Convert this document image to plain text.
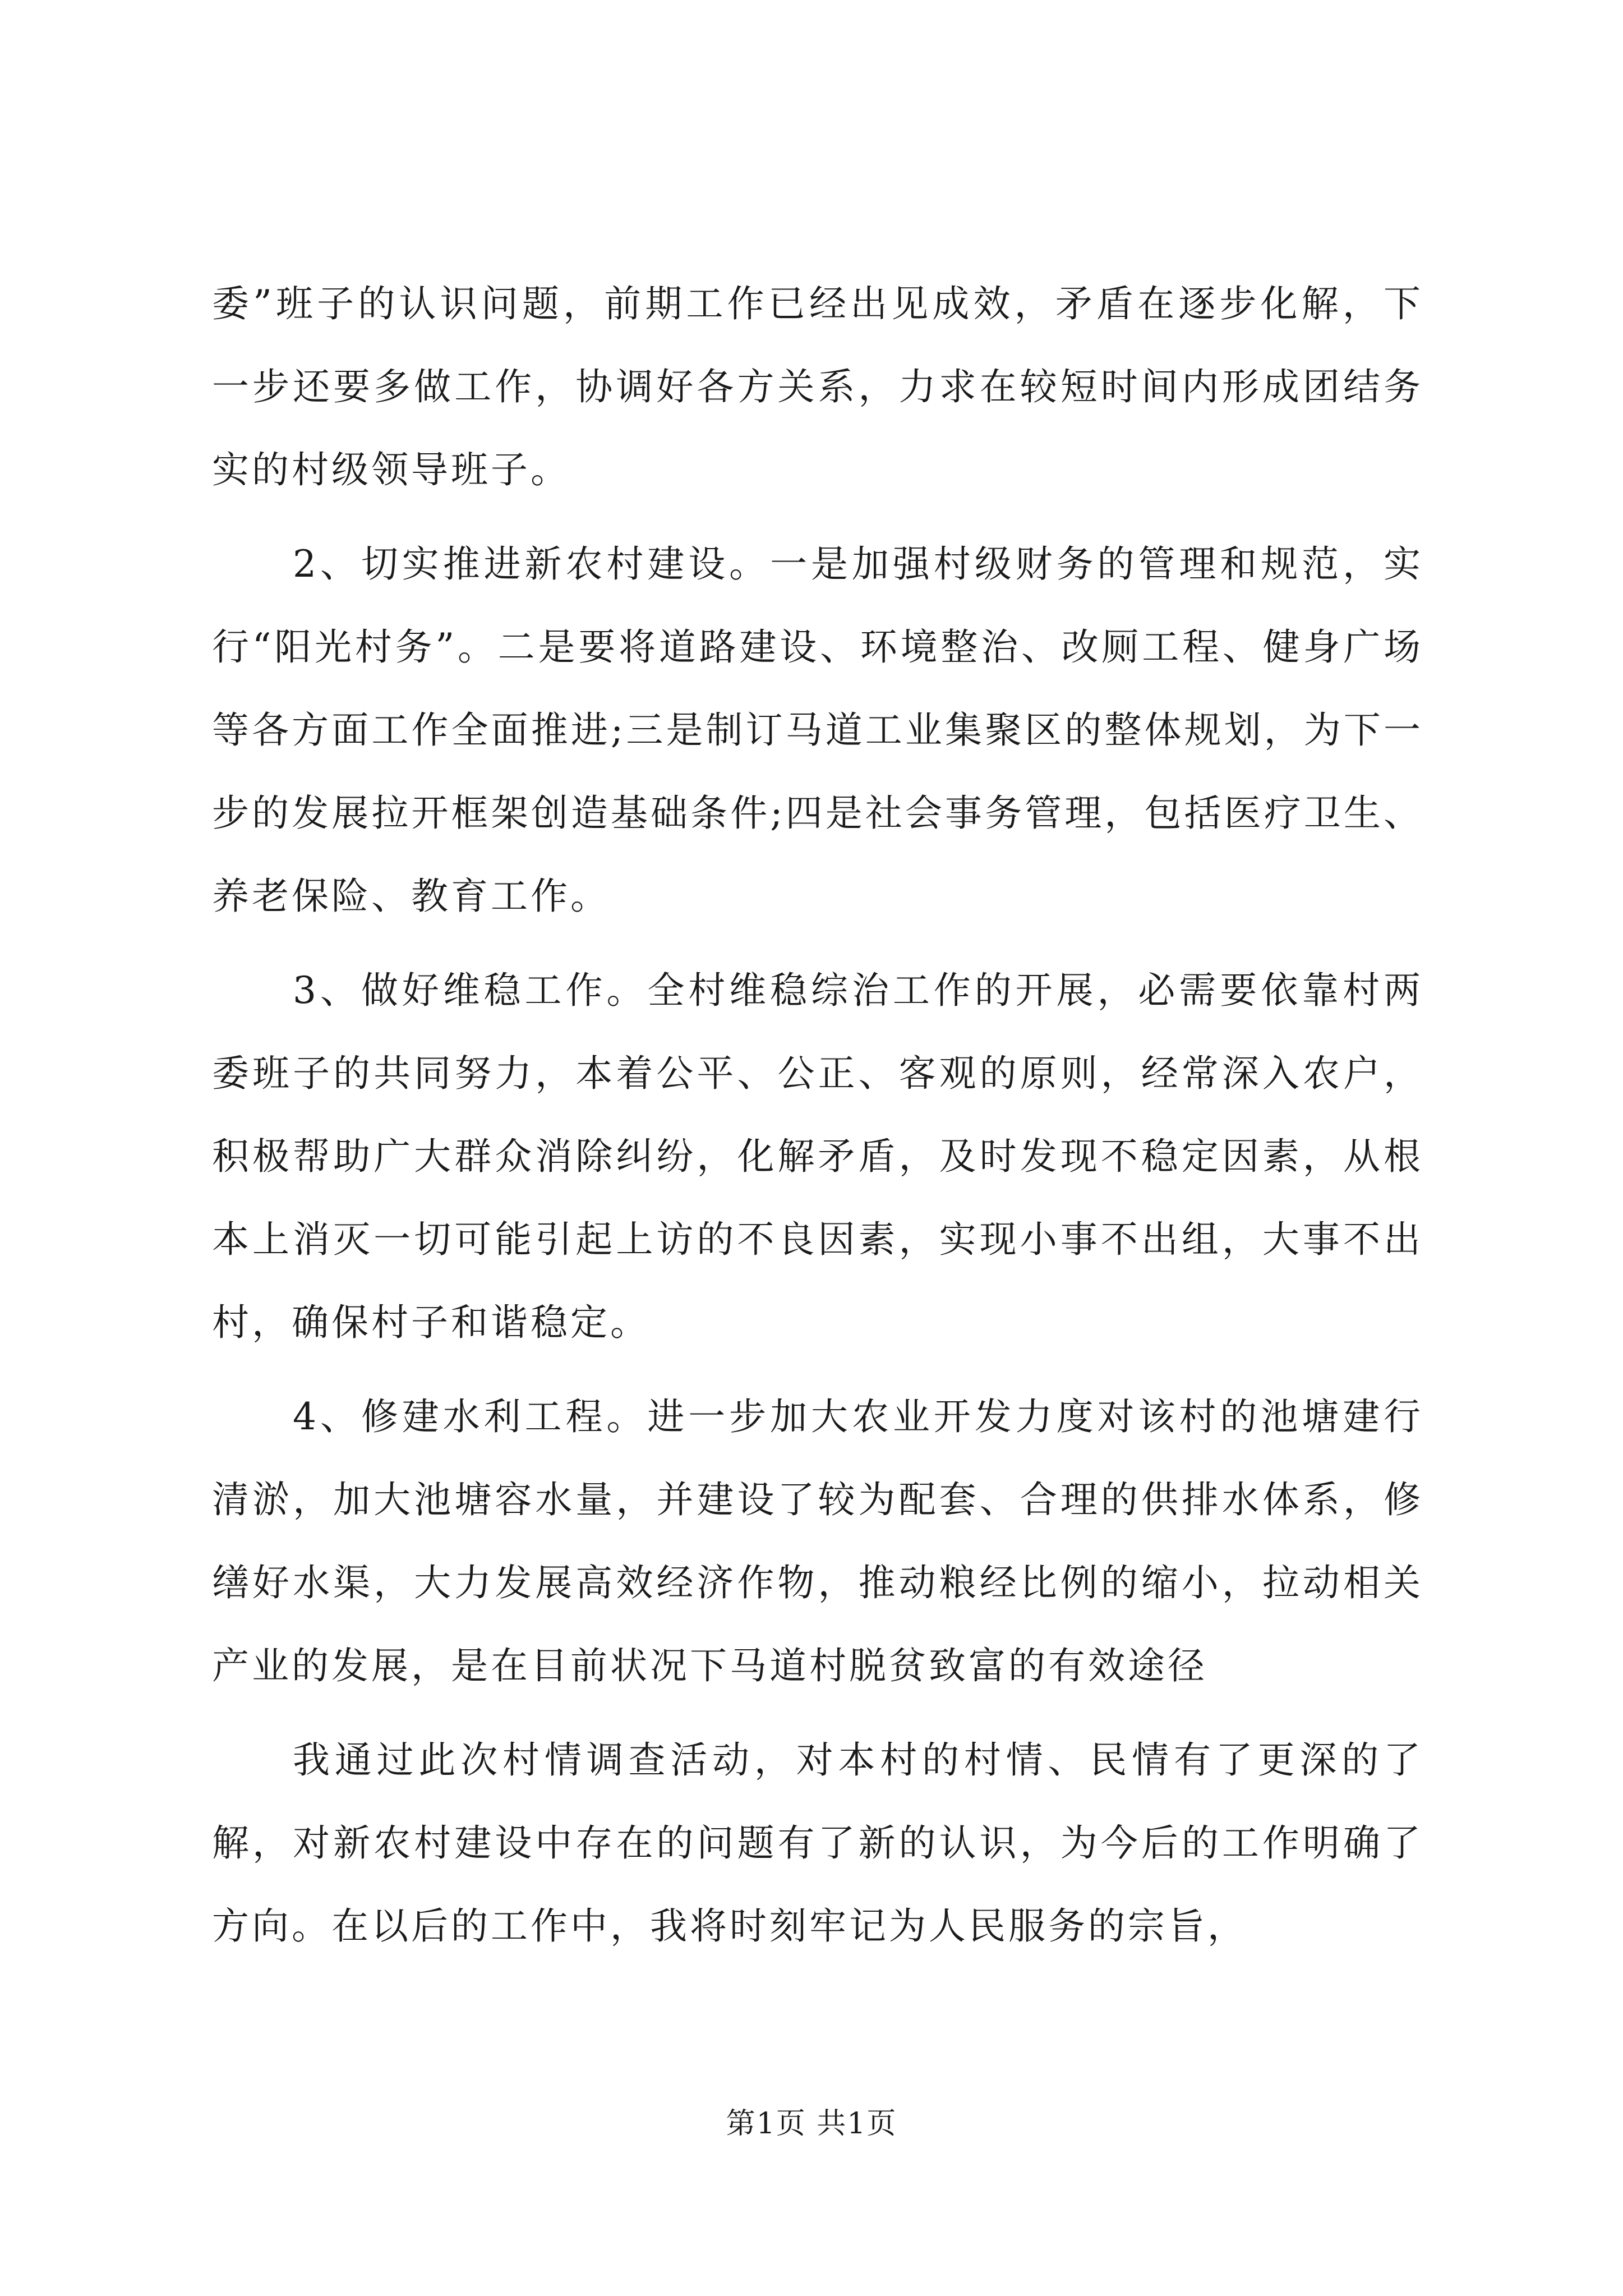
委”班子的认识问题，前期工作已经出见成效，矛盾在逐步化解，下一步还要多做工作，协调好各方关系，力求在较短时间内形成团结务实的村级领导班子。

2、切实推进新农村建设。一是加强村级财务的管理和规范，实行“阳光村务”。二是要将道路建设、环境整治、改厕工程、健身广场等各方面工作全面推进;三是制订马道工业集聚区的整体规划，为下一步的发展拉开框架创造基础条件;四是社会事务管理，包括医疗卫生、养老保险、教育工作。

3、做好维稳工作。全村维稳综治工作的开展，必需要依靠村两委班子的共同努力，本着公平、公正、客观的原则，经常深入农户，积极帮助广大群众消除纠纷，化解矛盾，及时发现不稳定因素，从根本上消灭一切可能引起上访的不良因素，实现小事不出组，大事不出村，确保村子和谐稳定。

4、修建水利工程。进一步加大农业开发力度对该村的池塘建行清淤，加大池塘容水量，并建设了较为配套、合理的供排水体系，修缮好水渠，大力发展高效经济作物，推动粮经比例的缩小，拉动相关产业的发展，是在目前状况下马道村脱贫致富的有效途径

我通过此次村情调查活动，对本村的村情、民情有了更深的了解，对新农村建设中存在的问题有了新的认识，为今后的工作明确了方向。在以后的工作中，我将时刻牢记为人民服务的宗旨，

第1页 共1页
